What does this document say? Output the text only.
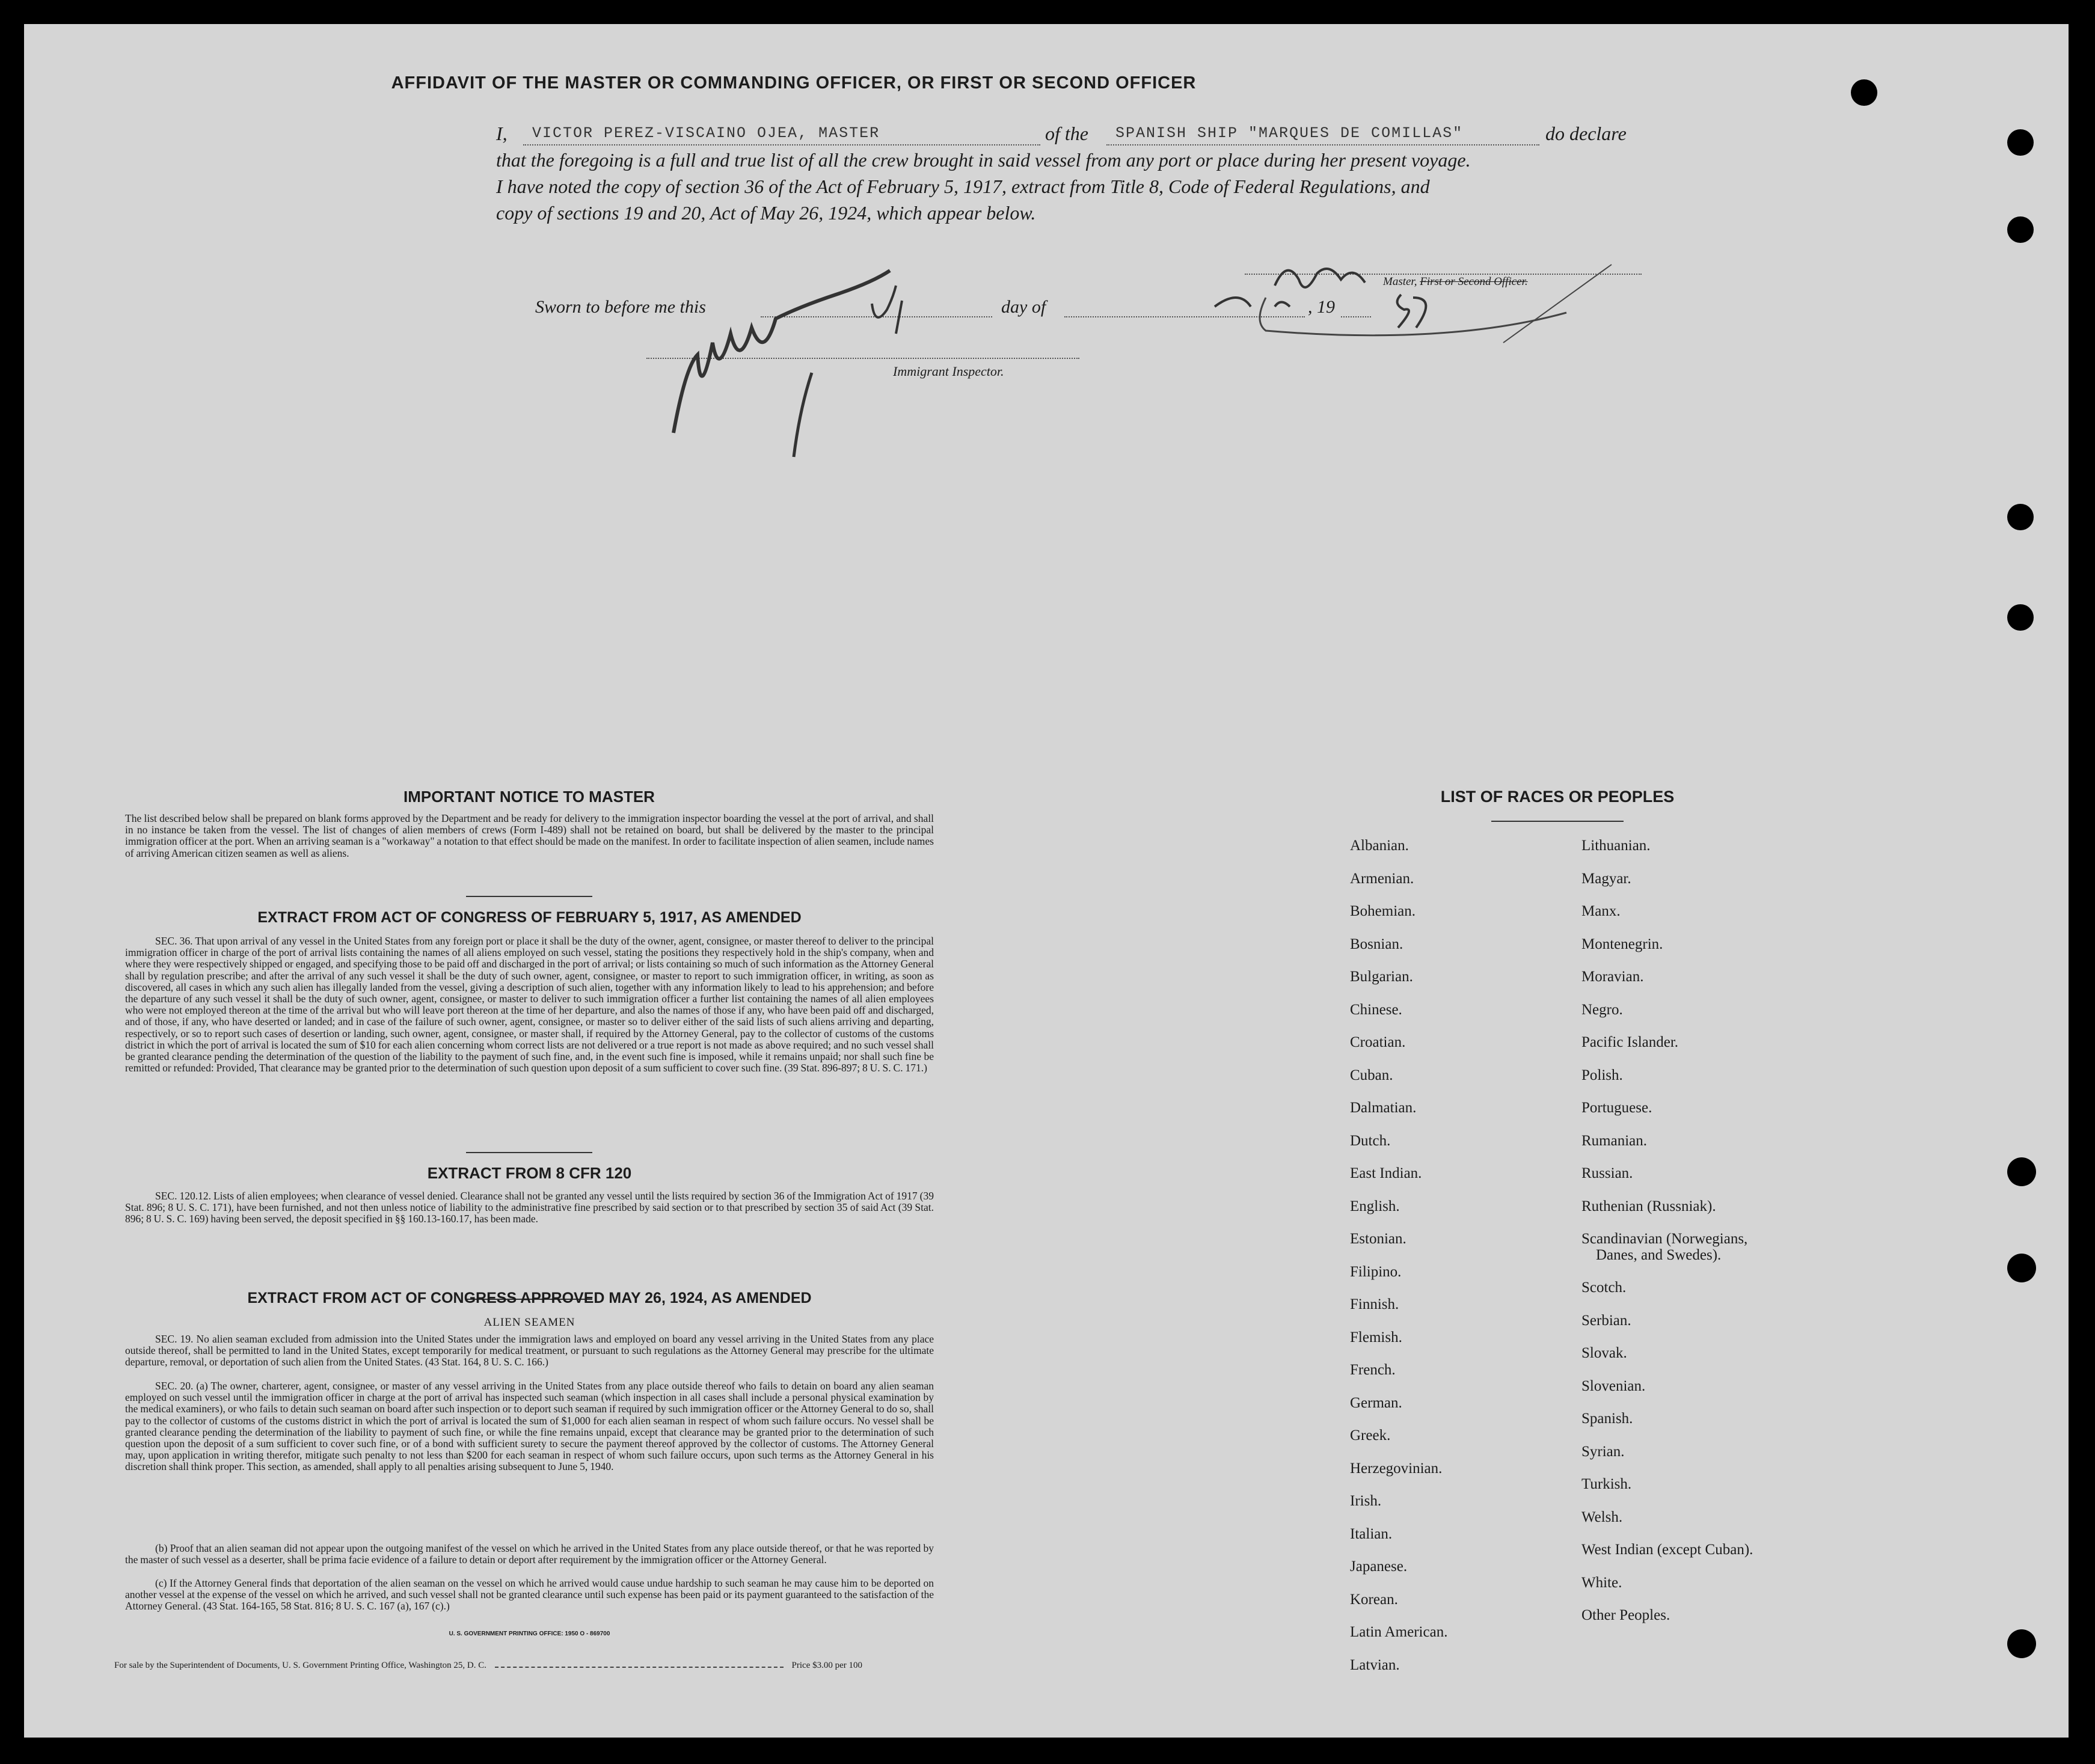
AFFIDAVIT OF THE MASTER OR COMMANDING OFFICER, OR FIRST OR SECOND OFFICER
I, VICTOR PEREZ-VISCAINO OJEA, MASTER	of the SPANISH SHIP "MARQUES DE COMILLAS"	do declare
that the foregoing is a full and true list of all the crew brought in said vessel from any port or place during her present voyage.
I have noted the copy of section 36 of the Act of February 5, 1917, extract from Title 8, Code of Federal Regulations, and
copy of sections 19 and 20, Act of May 26, 1924, which appear below.
Master, First or Second Officer.
Sworn to before me this	day of	, 19
Immigrant Inspector.
IMPORTANT NOTICE TO MASTER
The list described below shall be prepared on blank forms approved by the Department and be ready for delivery to the immigration inspector boarding the vessel at the port of arrival, and shall in no instance be taken from the vessel. The list of changes of alien members of crews (Form I-489) shall not be retained on board, but shall be delivered by the master to the principal immigration officer at the port. When an arriving seaman is a "workaway" a notation to that effect should be made on the manifest. In order to facilitate inspection of alien seamen, include names of arriving American citizen seamen as well as aliens.
EXTRACT FROM ACT OF CONGRESS OF FEBRUARY 5, 1917, AS AMENDED
SEC. 36. That upon arrival of any vessel in the United States from any foreign port or place it shall be the duty of the owner, agent, consignee, or master thereof to deliver to the principal immigration officer in charge of the port of arrival lists containing the names of all aliens employed on such vessel, stating the positions they respectively hold in the ship's company, when and where they were respectively shipped or engaged, and specifying those to be paid off and discharged in the port of arrival; or lists containing so much of such information as the Attorney General shall by regulation prescribe; and after the arrival of any such vessel it shall be the duty of such owner, agent, consignee, or master to report to such immigration officer, in writing, as soon as discovered, all cases in which any such alien has illegally landed from the vessel, giving a description of such alien, together with any information likely to lead to his apprehension; and before the departure of any such vessel it shall be the duty of such owner, agent, consignee, or master to deliver to such immigration officer a further list containing the names of all alien employees who were not employed thereon at the time of the arrival but who will leave port thereon at the time of her departure, and also the names of those if any, who have been paid off and discharged, and of those, if any, who have deserted or landed; and in case of the failure of such owner, agent, consignee, or master so to deliver either of the said lists of such aliens arriving and departing, respectively, or so to report such cases of desertion or landing, such owner, agent, consignee, or master shall, if required by the Attorney General, pay to the collector of customs of the customs district in which the port of arrival is located the sum of $10 for each alien concerning whom correct lists are not delivered or a true report is not made as above required; and no such vessel shall be granted clearance pending the determination of the question of the liability to the payment of such fine, and, in the event such fine is imposed, while it remains unpaid; nor shall such fine be remitted or refunded: Provided, That clearance may be granted prior to the determination of such question upon deposit of a sum sufficient to cover such fine. (39 Stat. 896-897; 8 U. S. C. 171.)
EXTRACT FROM 8 CFR 120
SEC. 120.12. Lists of alien employees; when clearance of vessel denied. Clearance shall not be granted any vessel until the lists required by section 36 of the Immigration Act of 1917 (39 Stat. 896; 8 U. S. C. 171), have been furnished, and not then unless notice of liability to the administrative fine prescribed by said section or to that prescribed by section 35 of said Act (39 Stat. 896; 8 U. S. C. 169) having been served, the deposit specified in §§ 160.13-160.17, has been made.
EXTRACT FROM ACT OF CONGRESS APPROVED MAY 26, 1924, AS AMENDED
ALIEN SEAMEN
SEC. 19. No alien seaman excluded from admission into the United States under the immigration laws and employed on board any vessel arriving in the United States from any place outside thereof, shall be permitted to land in the United States, except temporarily for medical treatment, or pursuant to such regulations as the Attorney General may prescribe for the ultimate departure, removal, or deportation of such alien from the United States. (43 Stat. 164, 8 U. S. C. 166.)
SEC. 20. (a) The owner, charterer, agent, consignee, or master of any vessel arriving in the United States from any place outside thereof who fails to detain on board any alien seaman employed on such vessel until the immigration officer in charge at the port of arrival has inspected such seaman (which inspection in all cases shall include a personal physical examination by the medical examiners), or who fails to detain such seaman on board after such inspection or to deport such seaman if required by such immigration officer or the Attorney General to do so, shall pay to the collector of customs of the customs district in which the port of arrival is located the sum of $1,000 for each alien seaman in respect of whom such failure occurs. No vessel shall be granted clearance pending the determination of the liability to payment of such fine, or while the fine remains unpaid, except that clearance may be granted prior to the determination of such question upon the deposit of a sum sufficient to cover such fine, or of a bond with sufficient surety to secure the payment thereof approved by the collector of customs. The Attorney General may, upon application in writing therefor, mitigate such penalty to not less than $200 for each seaman in respect of whom such failure occurs, upon such terms as the Attorney General in his discretion shall think proper. This section, as amended, shall apply to all penalties arising subsequent to June 5, 1940.
(b) Proof that an alien seaman did not appear upon the outgoing manifest of the vessel on which he arrived in the United States from any place outside thereof, or that he was reported by the master of such vessel as a deserter, shall be prima facie evidence of a failure to detain or deport after requirement by the immigration officer or the Attorney General.
(c) If the Attorney General finds that deportation of the alien seaman on the vessel on which he arrived would cause undue hardship to such seaman he may cause him to be deported on another vessel at the expense of the vessel on which he arrived, and such vessel shall not be granted clearance until such expense has been paid or its payment guaranteed to the satisfaction of the Attorney General. (43 Stat. 164-165, 58 Stat. 816; 8 U. S. C. 167 (a), 167 (c).)
U. S. GOVERNMENT PRINTING OFFICE: 1950 O - 869700
For sale by the Superintendent of Documents, U. S. Government Printing Office, Washington 25, D. C.	Price $3.00 per 100
LIST OF RACES OR PEOPLES
Albanian.
Armenian.
Bohemian.
Bosnian.
Bulgarian.
Chinese.
Croatian.
Cuban.
Dalmatian.
Dutch.
East Indian.
English.
Estonian.
Filipino.
Finnish.
Flemish.
French.
German.
Greek.
Herzegovinian.
Irish.
Italian.
Japanese.
Korean.
Latin American.
Latvian.
Lithuanian.
Magyar.
Manx.
Montenegrin.
Moravian.
Negro.
Pacific Islander.
Polish.
Portuguese.
Rumanian.
Russian.
Ruthenian (Russniak).
Scandinavian (Norwegians,
Danes, and Swedes).
Scotch.
Serbian.
Slovak.
Slovenian.
Spanish.
Syrian.
Turkish.
Welsh.
West Indian (except Cuban).
White.
Other Peoples.
